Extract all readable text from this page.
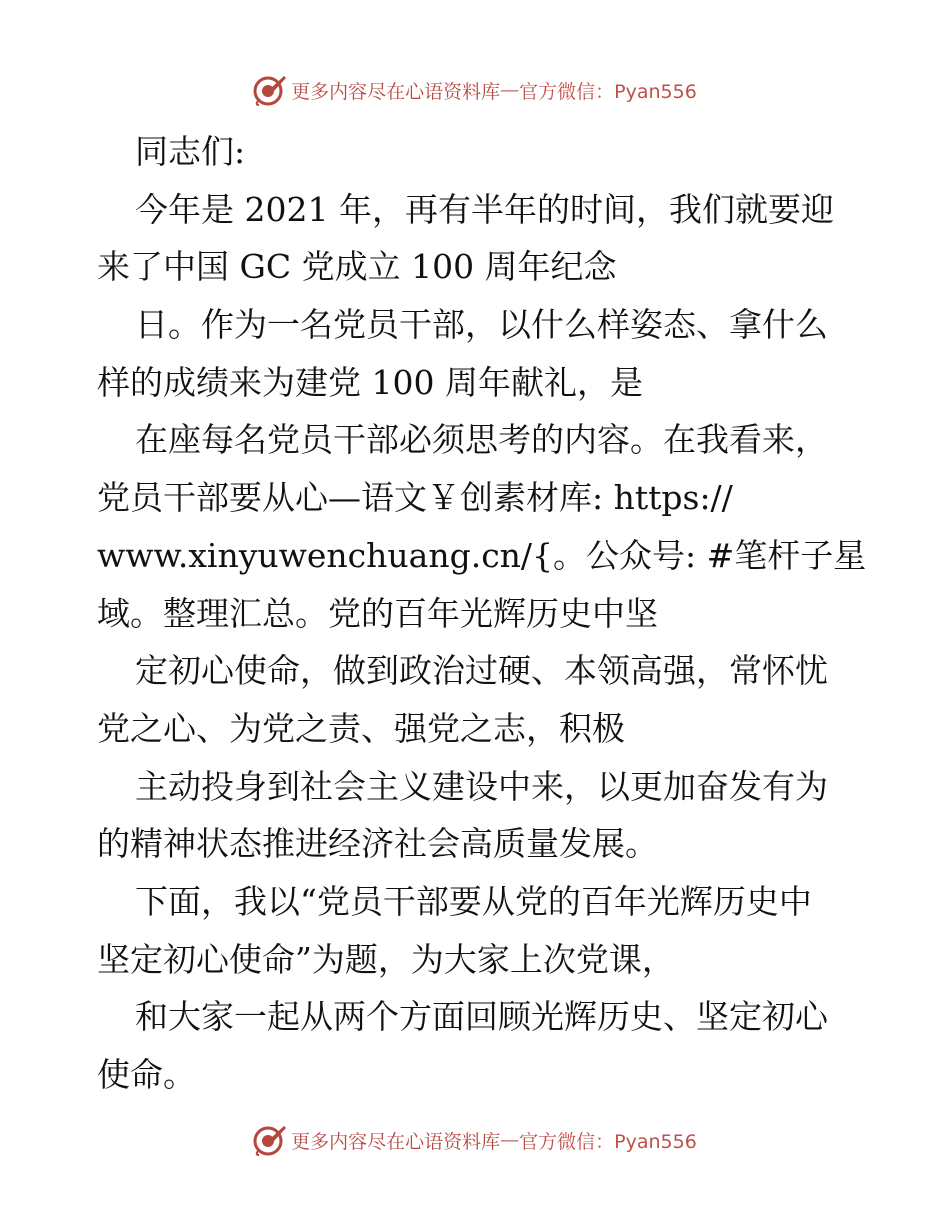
更多内容尽在心语资料库 — 官方微信：Pyan556
同志们:
今年是 2021 年，再有半年的时间，我们就要迎
来了中国 GC 党成立 100 周年纪念
日。作为一名党员干部，以什么样姿态、拿什么
样的成绩来为建党 100 周年献礼，是
在座每名党员干部必须思考的内容。在我看来，
党员干部要从心—语文￥创素材库: https://
www.xinyuwenchuang.cn/{。公众号: #笔杆子星
域。整理汇总。党的百年光辉历史中坚
定初心使命，做到政治过硬、本领高强，常怀忧
党之心、为党之责、强党之志，积极
主动投身到社会主义建设中来，以更加奋发有为
的精神状态推进经济社会高质量发展。
下面，我以“党员干部要从党的百年光辉历史中
坚定初心使命”为题，为大家上次党课，
和大家一起从两个方面回顾光辉历史、坚定初心
使命。
更多内容尽在心语资料库 — 官方微信：Pyan556
